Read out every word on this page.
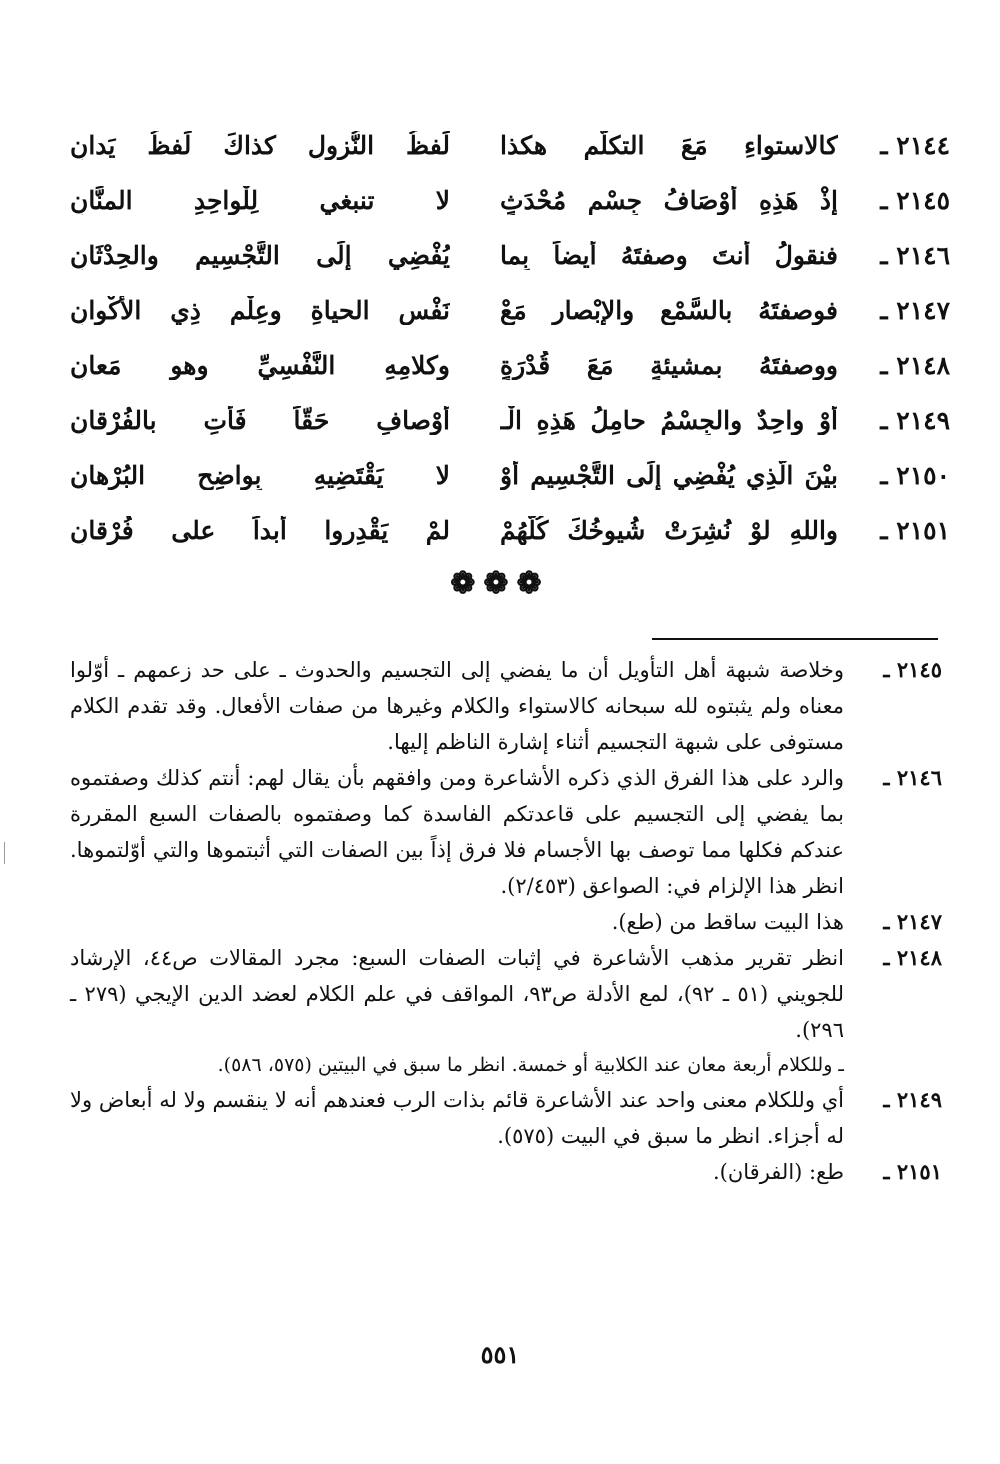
٢١٤٤ ـ
كالاستواءِ مَعَ التكلُّمِ هكذا
لَفظُ النُّزولِ كذاكَ لَفظُ يَدانِ
٢١٤٥ ـ
إذْ هَذِهِ أوْصَافُ جِسْمٍ مُحْدَثٍ
لا تنبغي لِلْواحِدِ المنَّانِ
٢١٤٦ ـ
فنقولُ أنتَ وصفتَهُ أيضاً بِما
يُفْضِي إِلَى التَّجْسِيمِ والحِدْثَانِ
٢١٤٧ ـ
فوصفتَهُ بالسَّمْعِ والإبْصارِ مَعْ
نَفْسِ الحياةِ وعِلْمِ ذِي الأكْوانِ
٢١٤٨ ـ
ووصفتَهُ بمشيئةٍ مَعَ قُدْرَةٍ
وكلامِهِ النَّفْسِيِّ وهو مَعانِ
٢١٤٩ ـ
أوْ واحِدٌ والجِسْمُ حامِلُ هَذِهِ الْـ
أوْصافِ حَقّاً فَأْتِ بالفُرْقانِ
٢١٥٠ ـ
بيْنَ الَّذِي يُفْضِي إِلَى التَّجْسِيمِ أوْ
لا يَقْتَضِيهِ بِواضِحِ البُرْهانِ
٢١٥١ ـ
واللهِ لوْ نُشِرَتْ شُيوخُكَ كُلُّهُمْ
لمْ يَقْدِروا أبداً على فُرْقانِ
❁❁❁
٢١٤٥ ـ
وخلاصة شبهة أهل التأويل أن ما يفضي إلى التجسيم والحدوث ـ على حد زعمهم ـ أوّلوا معناه ولم يثبتوه لله سبحانه كالاستواء والكلام وغيرها من صفات الأفعال. وقد تقدم الكلام مستوفى على شبهة التجسيم أثناء إشارة الناظم إليها.
٢١٤٦ ـ
والرد على هذا الفرق الذي ذكره الأشاعرة ومن وافقهم بأن يقال لهم: أنتم كذلك وصفتموه بما يفضي إلى التجسيم على قاعدتكم الفاسدة كما وصفتموه بالصفات السبع المقررة عندكم فكلها مما توصف بها الأجسام فلا فرق إذاً بين الصفات التي أثبتموها والتي أوّلتموها. انظر هذا الإلزام في: الصواعق (٢/٤٥٣).
٢١٤٧ ـ
هذا البيت ساقط من (طع).
٢١٤٨ ـ
انظر تقرير مذهب الأشاعرة في إثبات الصفات السبع: مجرد المقالات ص٤٤، الإرشاد للجويني (٥١ ـ ٩٢)، لمع الأدلة ص٩٣، المواقف في علم الكلام لعضد الدين الإيجي (٢٧٩ ـ ٢٩٦).
ـ وللكلام أربعة معان عند الكلابية أو خمسة. انظر ما سبق في البيتين (٥٧٥، ٥٨٦).
٢١٤٩ ـ
أي وللكلام معنى واحد عند الأشاعرة قائم بذات الرب فعندهم أنه لا ينقسم ولا له أبعاض ولا له أجزاء. انظر ما سبق في البيت (٥٧٥).
٢١٥١ ـ
طع: (الفرقان).
٥٥١
